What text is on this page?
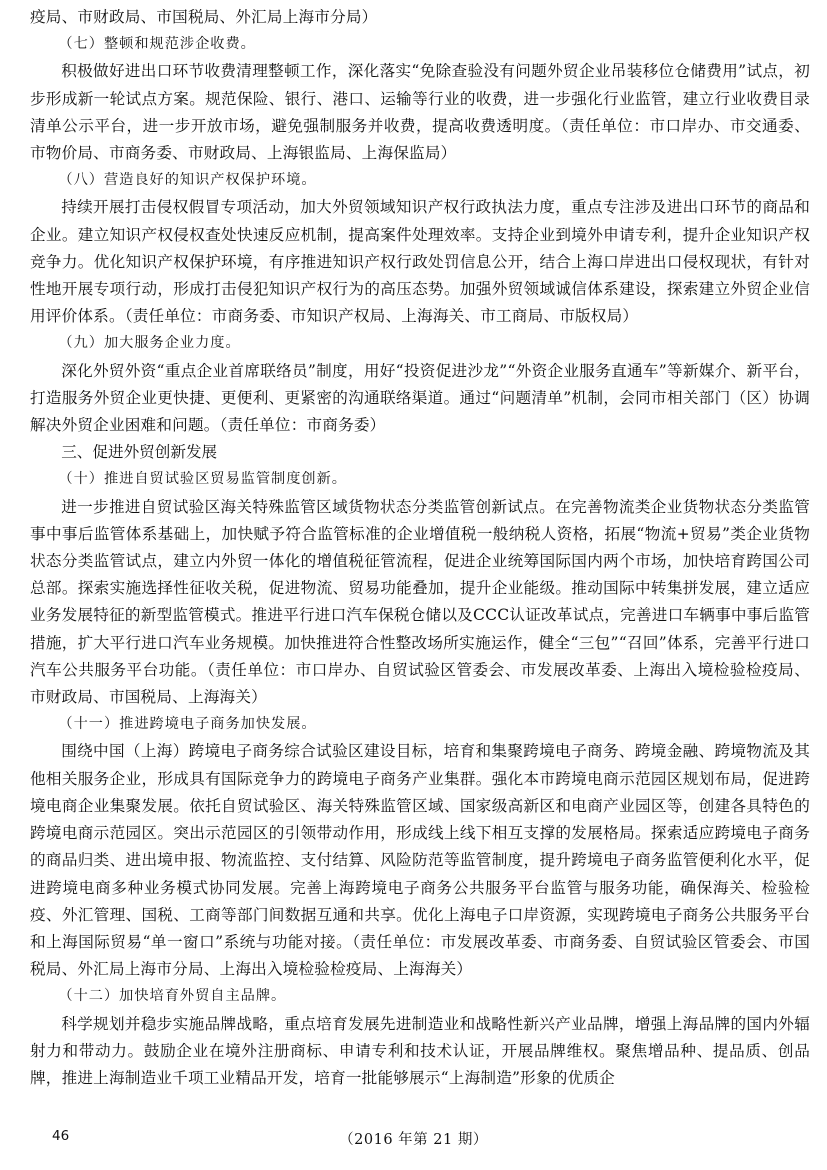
疫局、市财政局、市国税局、外汇局上海市分局）

（七）整顿和规范涉企收费。

积极做好进出口环节收费清理整顿工作，深化落实“免除查验没有问题外贸企业吊装移位仓储费用”试点，初步形成新一轮试点方案。规范保险、银行、港口、运输等行业的收费，进一步强化行业监管，建立行业收费目录清单公示平台，进一步开放市场，避免强制服务并收费，提高收费透明度。（责任单位：市口岸办、市交通委、市物价局、市商务委、市财政局、上海银监局、上海保监局）

（八）营造良好的知识产权保护环境。

持续开展打击侵权假冒专项活动，加大外贸领域知识产权行政执法力度，重点专注涉及进出口环节的商品和企业。建立知识产权侵权查处快速反应机制，提高案件处理效率。支持企业到境外申请专利，提升企业知识产权竞争力。优化知识产权保护环境，有序推进知识产权行政处罚信息公开，结合上海口岸进出口侵权现状，有针对性地开展专项行动，形成打击侵犯知识产权行为的高压态势。加强外贸领域诚信体系建设，探索建立外贸企业信用评价体系。（责任单位：市商务委、市知识产权局、上海海关、市工商局、市版权局）

（九）加大服务企业力度。

深化外贸外资“重点企业首席联络员”制度，用好“投资促进沙龙”“外资企业服务直通车”等新媒介、新平台，打造服务外贸企业更快捷、更便利、更紧密的沟通联络渠道。通过“问题清单”机制，会同市相关部门（区）协调解决外贸企业困难和问题。（责任单位：市商务委）

三、促进外贸创新发展

（十）推进自贸试验区贸易监管制度创新。

进一步推进自贸试验区海关特殊监管区域货物状态分类监管创新试点。在完善物流类企业货物状态分类监管事中事后监管体系基础上，加快赋予符合监管标准的企业增值税一般纳税人资格，拓展“物流+贸易”类企业货物状态分类监管试点，建立内外贸一体化的增值税征管流程，促进企业统筹国际国内两个市场，加快培育跨国公司总部。探索实施选择性征收关税，促进物流、贸易功能叠加，提升企业能级。推动国际中转集拼发展，建立适应业务发展特征的新型监管模式。推进平行进口汽车保税仓储以及CCC认证改革试点，完善进口车辆事中事后监管措施，扩大平行进口汽车业务规模。加快推进符合性整改场所实施运作，健全“三包”“召回”体系，完善平行进口汽车公共服务平台功能。（责任单位：市口岸办、自贸试验区管委会、市发展改革委、上海出入境检验检疫局、市财政局、市国税局、上海海关）

（十一）推进跨境电子商务加快发展。

围绕中国（上海）跨境电子商务综合试验区建设目标，培育和集聚跨境电子商务、跨境金融、跨境物流及其他相关服务企业，形成具有国际竞争力的跨境电子商务产业集群。强化本市跨境电商示范园区规划布局，促进跨境电商企业集聚发展。依托自贸试验区、海关特殊监管区域、国家级高新区和电商产业园区等，创建各具特色的跨境电商示范园区。突出示范园区的引领带动作用，形成线上线下相互支撑的发展格局。探索适应跨境电子商务的商品归类、进出境申报、物流监控、支付结算、风险防范等监管制度，提升跨境电子商务监管便利化水平，促进跨境电商多种业务模式协同发展。完善上海跨境电子商务公共服务平台监管与服务功能，确保海关、检验检疫、外汇管理、国税、工商等部门间数据互通和共享。优化上海电子口岸资源，实现跨境电子商务公共服务平台和上海国际贸易“单一窗口”系统与功能对接。（责任单位：市发展改革委、市商务委、自贸试验区管委会、市国税局、外汇局上海市分局、上海出入境检验检疫局、上海海关）

（十二）加快培育外贸自主品牌。

科学规划并稳步实施品牌战略，重点培育发展先进制造业和战略性新兴产业品牌，增强上海品牌的国内外辐射力和带动力。鼓励企业在境外注册商标、申请专利和技术认证，开展品牌维权。聚焦增品种、提品质、创品牌，推进上海制造业千项工业精品开发，培育一批能够展示“上海制造”形象的优质企

46	（2016 年第 21 期）
